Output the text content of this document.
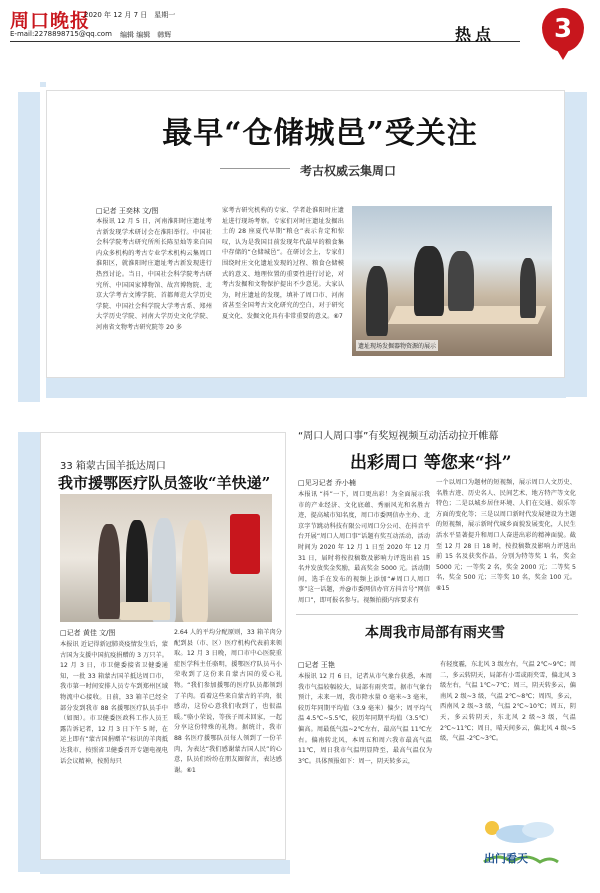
周口晚报
2020 年 12 月 7 日　星期一
E-mail:2278898715@qq.com 编辑 编辑　韩辉	热点	3
最早“仓储城邑”受关注
考古权威云集周口
□记者 王奕林 文/图
本报讯 12 月 5 日，河南淮阳时庄遗址考古新发现学术研讨会在淮阳举行。中国社会科学院考古研究所所长陈星灿等来自国内众多机构的考古专业学术机构云集周口淮阳区，就淮阳时庄遗址考古新发现进行热烈讨论。当日，中国社会科学院考古研究所、中国国家博物馆、故宫博物院、北京大学考古文博学院、首都师范大学历史学院、中国社会科学院大学考古系、郑州大学历史学院、河南大学历史文化学院、河南省文物考古研究院等 20 多
家考古研究机构的专家、学者赴淮阳时庄遗址进行现场考察。专家们对时庄遗址发掘出土的 28 座夏代早期“粮仓”表示肯定和惊叹，认为是我国目前发现年代最早的粮食集中存储的“仓储城邑”。在研讨会上，专家们围绕时庄文化遗址发现的过程、粮食仓储模式的意义、地理位置的重要性进行讨论，对考古发掘和文物保护提出不少意见。大家认为，时庄遗址的发现，填补了周口市、河南省甚至全国考古文化研究的空白，对于研究夏文化、发掘文化具有非常重要的意义。⑥7
遗址现场发掘器物资源的展示
33 箱蒙古国羊抵达周口
我市援鄂医疗队员签收“羊快递”
□记者 黄佳 文/图
本报讯 近记得新冠肺炎疫情发生后，蒙古国为支援中国抗疫捐赠的 3 万只羊。12 月 3 日，市卫健委接省卫健委通知，一批 33 箱蒙古国羊抵达周口市，我市第一时间安排人员专车到郑州区域物流中心接收。日前，33 箱羊已经全部分发到我市 88 名援鄂医疗队员手中（如图）。市卫健委医政科工作人员王露告诉记者，12 月 3 日下午 5 时，在运上即有“蒙古国捐赠羊”标识的羊肉抵达我市，按照省卫健委召开专题电视电话会议精神，按照每只
2.64 人的平均分配原则，33 箱羊肉分配到县（市、区）医疗机构代表前来领取。12 月 3 日晚，周口市中心医院重症医学科主任骆明，援鄂医疗队员马小荣收到了这份来自蒙古国的爱心礼物。“我们参加援鄂的医疗队员都领到了羊肉。看着这些来自蒙古的羊肉，很感动，这份心意我们收到了，也很温暖。”骆小荣说，等孩子周末回家，一起分享这份特殊的礼物。据统计，我市 88 名医疗援鄂队员每人领到了一份羊肉，为表达“我们感谢蒙古国人民”的心意，队员们纷纷在朋友圈留言，表达感谢。⑥1
“周口人周口事”有奖短视频互动活动拉开帷幕
出彩周口 等您来“抖”
□见习记者 乔小楠
本报讯 “抖”一下，周口更出彩！为全面展示我市的产业经济、文化底蕴、秀丽风光和名胜古迹，提高城市知名度，周口市委网信办主办、北京字节跳动科技有限公司周口分公司、在抖音平台开展“周口人周口事”话题有奖互动活动，活动时间为 2020 年 12 月 1 日至 2020 年 12 月 31 日，届时将按投稿数及影响力评选出前 15 名并发放奖金奖励，最高奖金 5000 元。活动期间，选手在发布的视频上添加“#周口人周口事”这一话题，并@市委网信办官方抖音号“网信周口”，即可报名参与。视频拍摄内容要求有
一个以周口为题材的短视频，展示周口人文历史、名胜古迹、历史名人、民间艺术、地方特产等文化特色；二是以城乡居住环境、人们在交通、娱乐等方面的变化等；三是以周口新时代发展建设为主题的短视频，展示新时代城乡面貌发展变化，人民生活水平显著提升和周口人奋进出彩的精神面貌。截至 12 月 28 日 18 时，按投稿数及影响力评选出前 15 名及获奖作品，分别为特等奖 1 名，奖金 5000 元；一等奖 2 名，奖金 2000 元；二等奖 5 名，奖金 500 元；三等奖 10 名，奖金 100 元。⑥15
本周我市局部有雨夹雪
□记者 王艳
本报讯 12 月 6 日，记者从市气象台获悉，本周我市气温较幅较大，局部有雨夹雪。据市气象台预计，未来一周，我市降水量 0 毫米~3 毫米，较历年同期平均值（3.9 毫米）偏少；周平均气温 4.5℃~5.5℃，较历年同期平均值（3.5℃）偏高。周最低气温~2℃左右，最高气温 11℃左右。偏南转北风，本周五和周六我市最高气温 11℃，周日我市气温明显降至，最高气温仅为 3℃。具体预报如下：周一，阴天转多云，
有轻度霾，东北风 3 级左右，气温 2℃~9℃；周二，多云转阴天，局部有小雪或雨夹雪，偏北风 3 级左右，气温 1℃~7℃；周三，阴天转多云，偏南风 2 级~3 级，气温 2℃~8℃；周四，多云，西南风 2 级~3 级，气温 2℃~10℃；周五，阴天，多云转阴天，东北风 2 级~3 级，气温 2℃~11℃；周日，晴天间多云，偏北风 4 级~5 级，气温 -2℃~3℃。
出门看天
